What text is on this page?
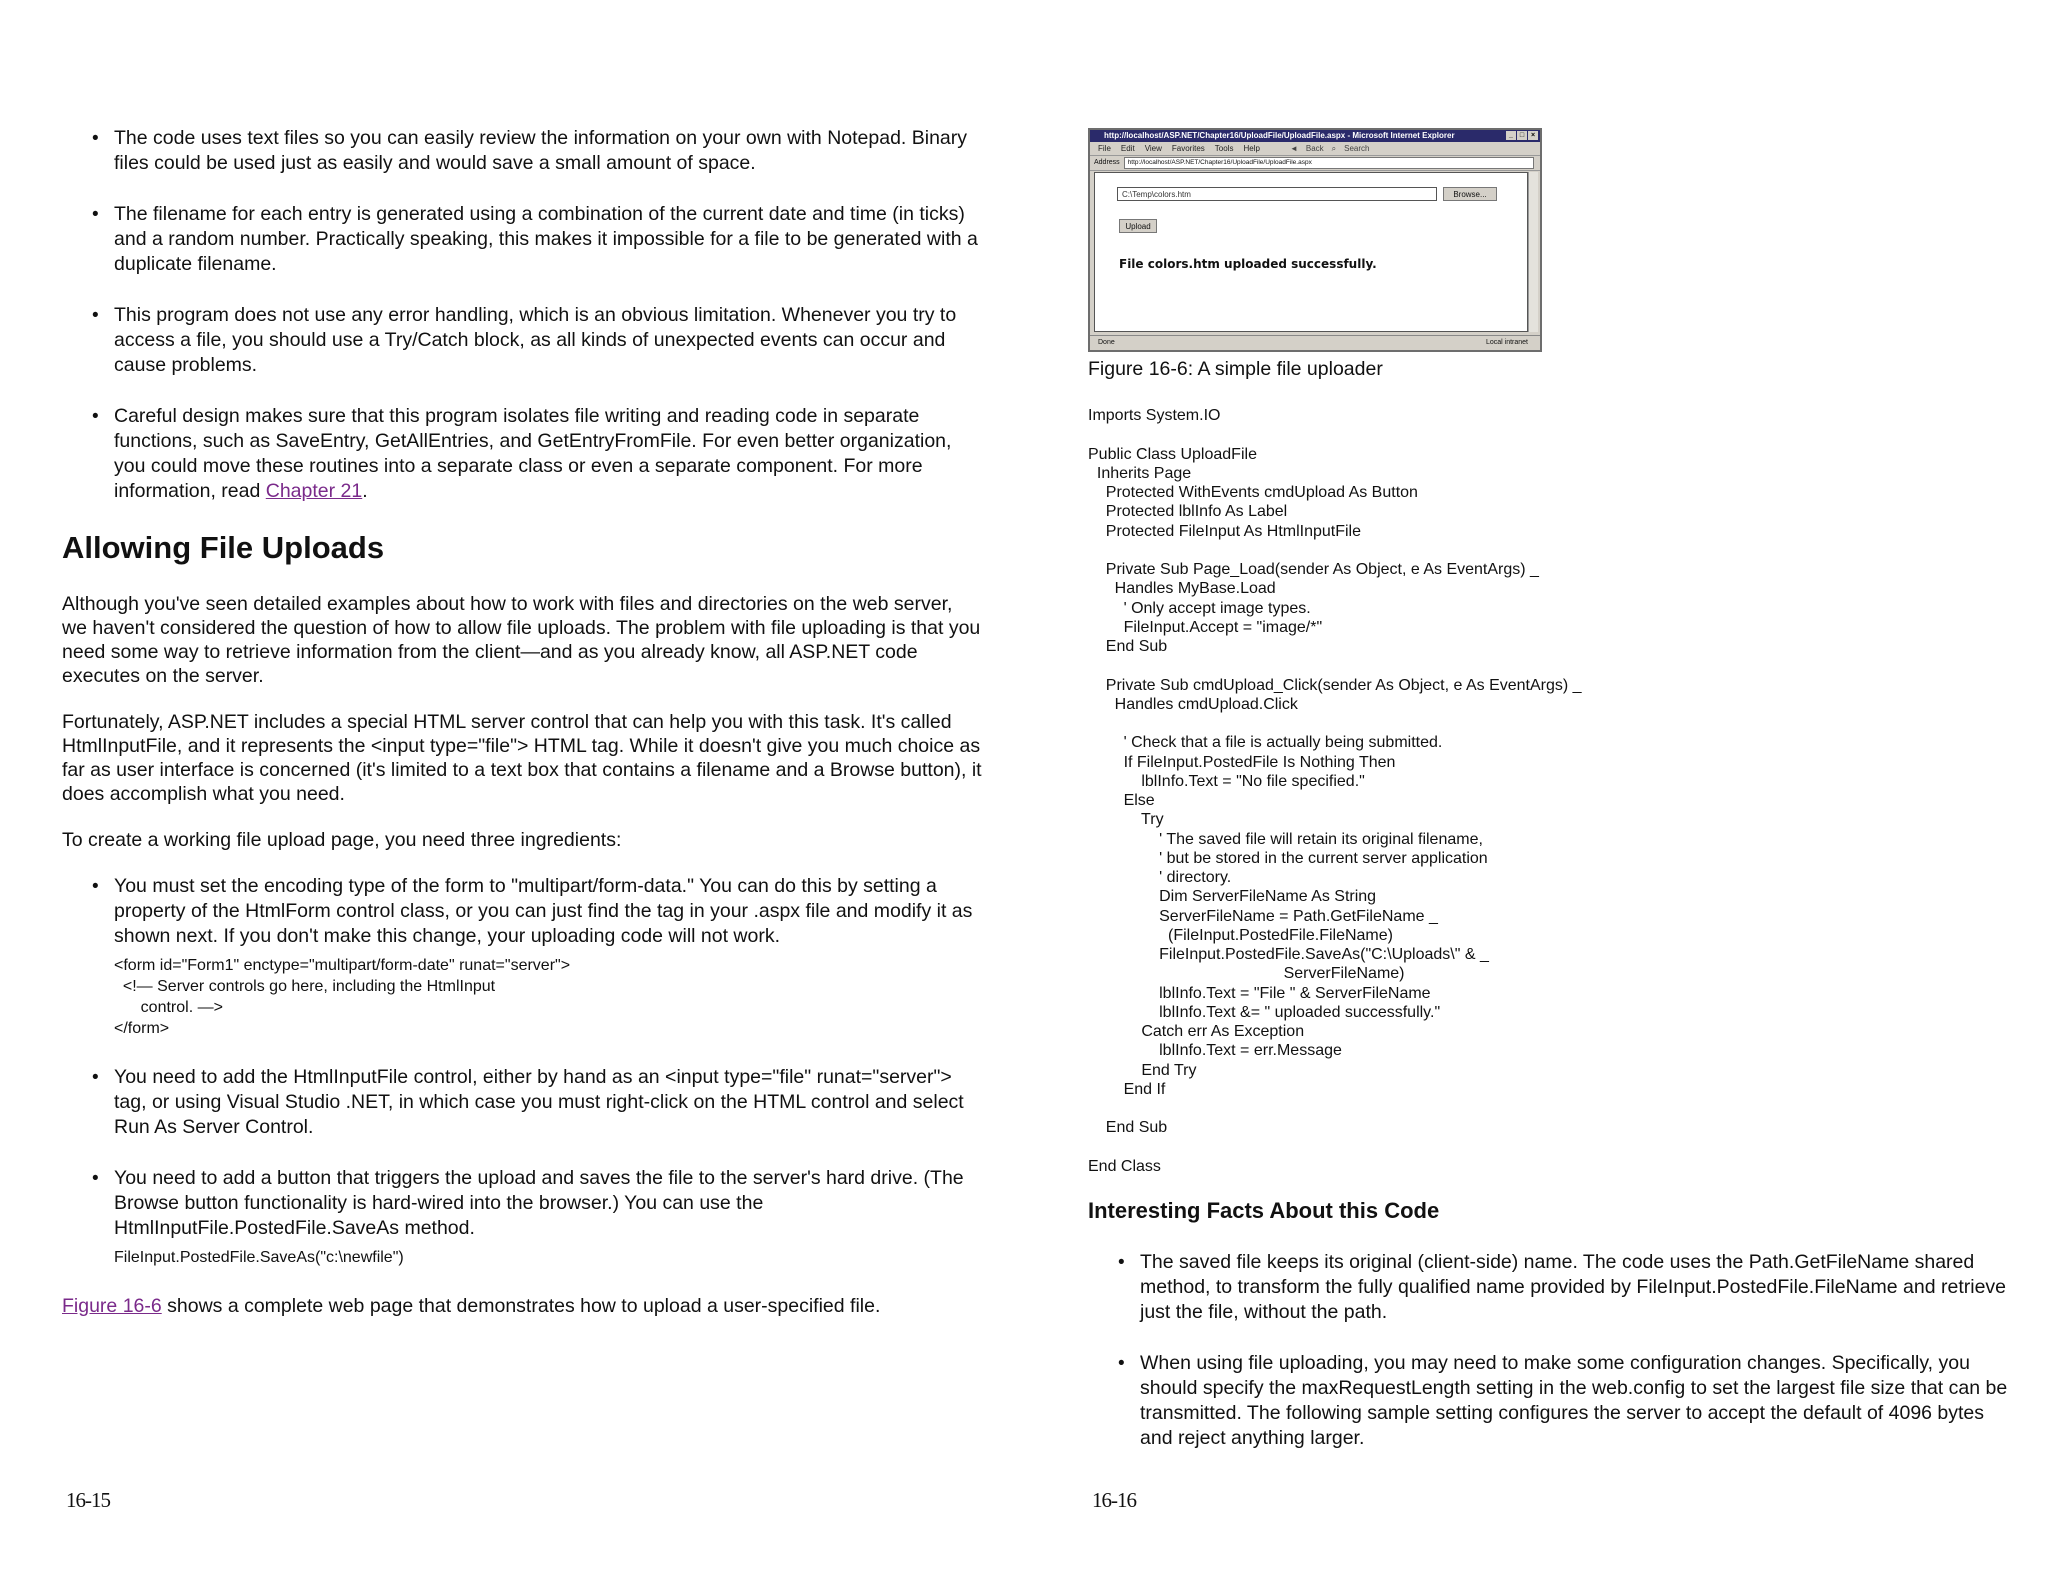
• The code uses text files so you can easily review the information on your own with Notepad. Binary files could be used just as easily and would save a small amount of space.
• The filename for each entry is generated using a combination of the current date and time (in ticks) and a random number. Practically speaking, this makes it impossible for a file to be generated with a duplicate filename.
• This program does not use any error handling, which is an obvious limitation. Whenever you try to access a file, you should use a Try/Catch block, as all kinds of unexpected events can occur and cause problems.
• Careful design makes sure that this program isolates file writing and reading code in separate functions, such as SaveEntry, GetAllEntries, and GetEntryFromFile. For even better organization, you could move these routines into a separate class or even a separate component. For more information, read Chapter 21.
Allowing File Uploads

Although you've seen detailed examples about how to work with files and directories on the web server, we haven't considered the question of how to allow file uploads. The problem with file uploading is that you need some way to retrieve information from the client—and as you already know, all ASP.NET code executes on the server.

Fortunately, ASP.NET includes a special HTML server control that can help you with this task. It's called HtmlInputFile, and it represents the <input type="file"> HTML tag. While it doesn't give you much choice as far as user interface is concerned (it's limited to a text box that contains a filename and a Browse button), it does accomplish what you need.

To create a working file upload page, you need three ingredients:

• You must set the encoding type of the form to "multipart/form-data." You can do this by setting a property of the HtmlForm control class, or you can just find the tag in your .aspx file and modify it as shown next. If you don't make this change, your uploading code will not work.
<form id="Form1" enctype="multipart/form-date" runat="server">
<!— Server controls go here, including the HtmlInput
control. —>
</form>
• You need to add the HtmlInputFile control, either by hand as an <input type="file" runat="server"> tag, or using Visual Studio .NET, in which case you must right-click on the HTML control and select Run As Server Control.
• You need to add a button that triggers the upload and saves the file to the server's hard drive. (The Browse button functionality is hard-wired into the browser.) You can use the HtmlInputFile.PostedFile.SaveAs method.
FileInput.PostedFile.SaveAs("c:\newfile")

Figure 16-6 shows a complete web page that demonstrates how to upload a user-specified file.

16-15
http://localhost/ASP.NET/Chapter16/UploadFile/UploadFile.aspx - Microsoft Internet Explorer	_ □ ×
File Edit View Favorites Tools Help	◄ Back ⌕ Search
Address	http://localhost/ASP.NET/Chapter16/UploadFile/UploadFile.aspx
C:\Temp\colors.htm	Browse...
Upload
File colors.htm uploaded successfully.
Done	Local intranet
Figure 16-6: A simple file uploader
Imports System.IO

Public Class UploadFile
Inherits Page
Protected WithEvents cmdUpload As Button
Protected lblInfo As Label
Protected FileInput As HtmlInputFile

Private Sub Page_Load(sender As Object, e As EventArgs) _
Handles MyBase.Load
' Only accept image types.
FileInput.Accept = "image/*"
End Sub

Private Sub cmdUpload_Click(sender As Object, e As EventArgs) _
Handles cmdUpload.Click

' Check that a file is actually being submitted.
If FileInput.PostedFile Is Nothing Then
lblInfo.Text = "No file specified."
Else
Try
' The saved file will retain its original filename,
' but be stored in the current server application
' directory.
Dim ServerFileName As String
ServerFileName = Path.GetFileName _
(FileInput.PostedFile.FileName)
FileInput.PostedFile.SaveAs("C:\Uploads\" & _
ServerFileName)
lblInfo.Text = "File " & ServerFileName
lblInfo.Text &= " uploaded successfully."
Catch err As Exception
lblInfo.Text = err.Message
End Try
End If

End Sub

End Class
Interesting Facts About this Code
• The saved file keeps its original (client-side) name. The code uses the Path.GetFileName shared method, to transform the fully qualified name provided by FileInput.PostedFile.FileName and retrieve just the file, without the path.
• When using file uploading, you may need to make some configuration changes. Specifically, you should specify the maxRequestLength setting in the web.config to set the largest file size that can be transmitted. The following sample setting configures the server to accept the default of 4096 bytes and reject anything larger.
16-16
